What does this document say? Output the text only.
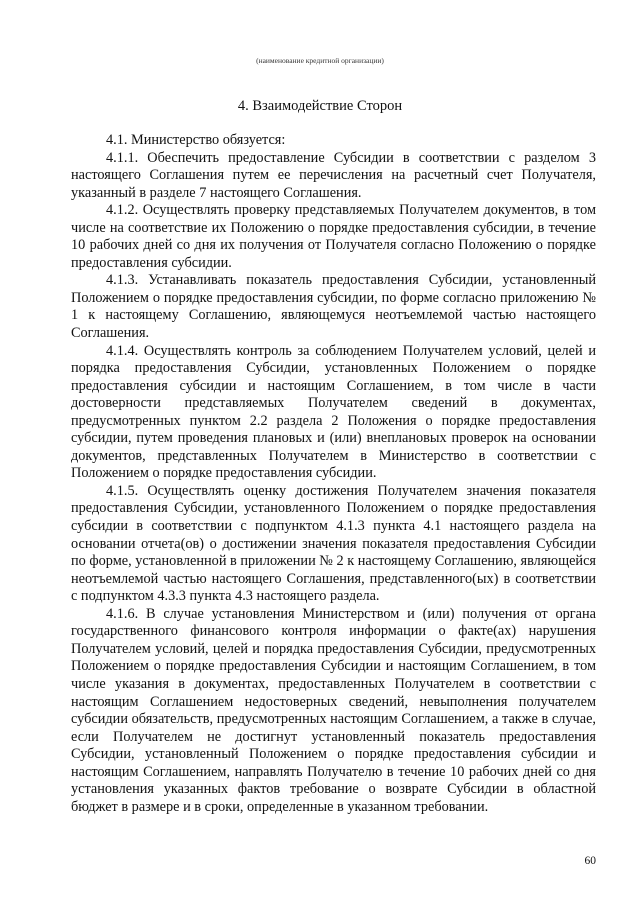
(наименование кредитной организации)
4. Взаимодействие Сторон

4.1. Министерство обязуется:

4.1.1. Обеспечить предоставление Субсидии в соответствии с разделом 3 настоящего Соглашения путем ее перечисления на расчетный счет Получателя, указанный в разделе 7 настоящего Соглашения.

4.1.2. Осуществлять проверку представляемых Получателем документов, в том числе на соответствие их Положению о порядке предоставления субсидии, в течение 10 рабочих дней со дня их получения от Получателя согласно Положению о порядке предоставления субсидии.

4.1.3. Устанавливать показатель предоставления Субсидии, установленный Положением о порядке предоставления субсидии, по форме согласно приложению № 1 к настоящему Соглашению, являющемуся неотъемлемой частью настоящего Соглашения.

4.1.4. Осуществлять контроль за соблюдением Получателем условий, целей и порядка предоставления Субсидии, установленных Положением о порядке предоставления субсидии и настоящим Соглашением, в том числе в части достоверности представляемых Получателем сведений в документах, предусмотренных пунктом 2.2 раздела 2 Положения о порядке предоставления субсидии, путем проведения плановых и (или) внеплановых проверок на основании документов, представленных Получателем в Министерство в соответствии с Положением о порядке предоставления субсидии.

4.1.5. Осуществлять оценку достижения Получателем значения показателя предоставления Субсидии, установленного Положением о порядке предоставления субсидии в соответствии с подпунктом 4.1.3 пункта 4.1 настоящего раздела на основании отчета(ов) о достижении значения показателя предоставления Субсидии по форме, установленной в приложении № 2 к настоящему Соглашению, являющейся неотъемлемой частью настоящего Соглашения, представленного(ых) в соответствии с подпунктом 4.3.3 пункта 4.3 настоящего раздела.

4.1.6. В случае установления Министерством и (или) получения от органа государственного финансового контроля информации о факте(ах) нарушения Получателем условий, целей и порядка предоставления Субсидии, предусмотренных Положением о порядке предоставления Субсидии и настоящим Соглашением, в том числе указания в документах, предоставленных Получателем в соответствии с настоящим Соглашением недостоверных сведений, невыполнения получателем субсидии обязательств, предусмотренных настоящим Соглашением, а также в случае, если Получателем не достигнут установленный показатель предоставления Субсидии, установленный Положением о порядке предоставления субсидии и настоящим Соглашением, направлять Получателю в течение 10 рабочих дней со дня установления указанных фактов требование о возврате Субсидии в областной бюджет в размере и в сроки, определенные в указанном требовании.

60
